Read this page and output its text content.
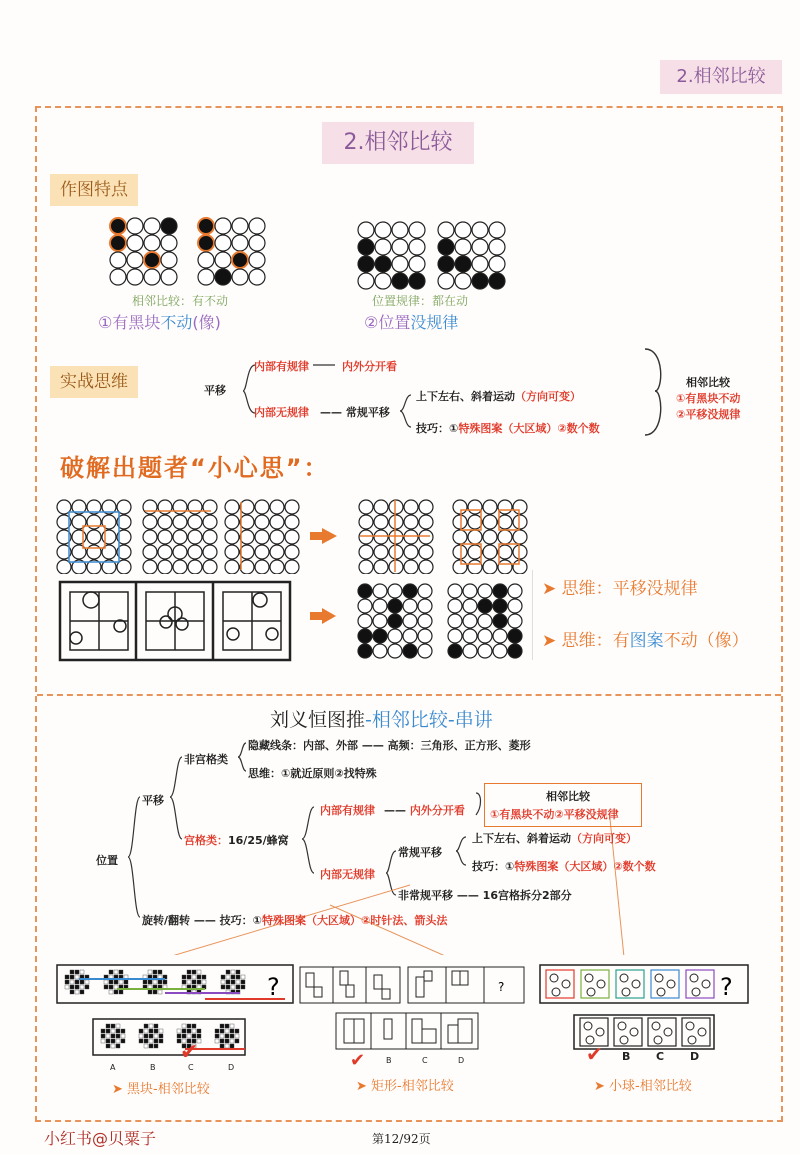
2.相邻比较
2.相邻比较
作图特点
相邻比较：有不动
①有黑块不动(像)
位置规律：都在动
②位置没规律
实战思维	平移
内部有规律	内外分开看
内部无规律 —— 常规平移
上下左右、斜着运动（方向可变）
技巧：①特殊图案（大区域）②数个数
相邻比较
①有黑块不动
②平移没规律
破解出题者“小心思”：
➤ 思维：平移没规律
➤ 思维：有图案不动（像）
刘义恒图推-相邻比较-串讲
相邻比较
①有黑块不动②平移没规律
位置
平移
非宫格类
隐藏线条：内部、外部 —— 高频：三角形、正方形、菱形
思维：①就近原则②找特殊
宫格类：16/25/蜂窝
内部有规律 —— 内外分开看
内部无规律
常规平移
上下左右、斜着运动（方向可变）
技巧：①特殊图案（大区域）②数个数
非常规平移 —— 16宫格拆分2部分
旋转/翻转 —— 技巧：①特殊图案（大区域）②时针法、箭头法
?
A	B	C	D
✔
➤ 黑块-相邻比较
?
B	C	D
✔
➤ 矩形-相邻比较
?
B C D
✔
➤ 小球-相邻比较
小红书@贝粟子	第12/92页
